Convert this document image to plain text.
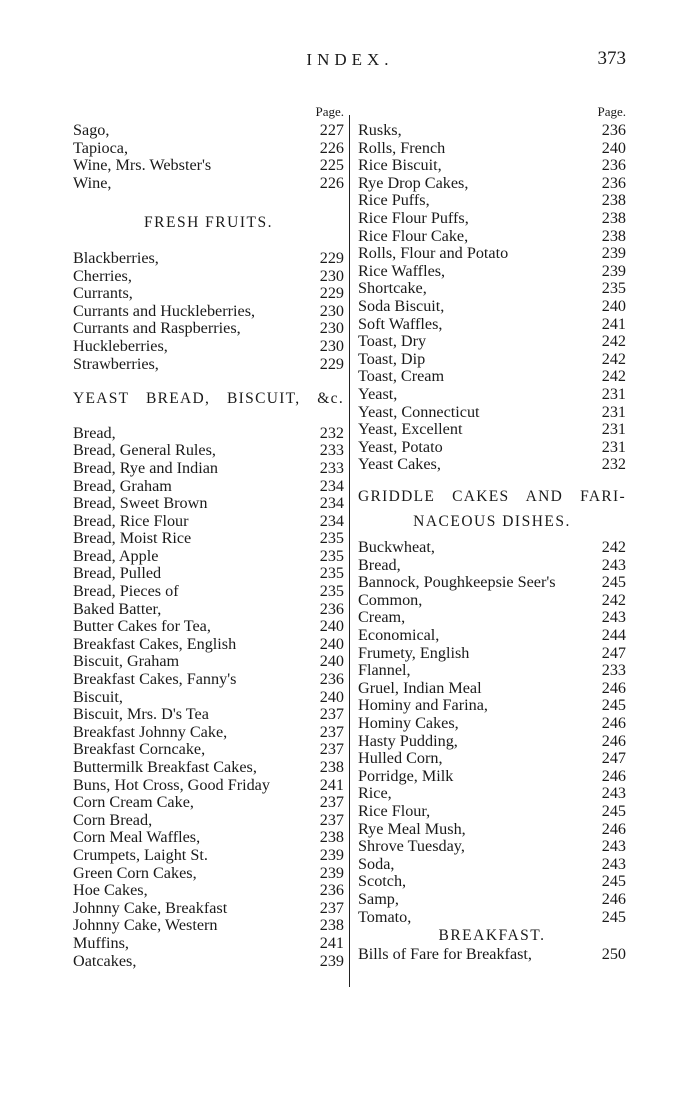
INDEX.	373
Page.
Sago,	227
Tapioca,	226
Wine, Mrs. Webster's	225
Wine,	226
FRESH FRUITS.
Blackberries,	229
Cherries,	230
Currants,	229
Currants and Huckleberries,	230
Currants and Raspberries,	230
Huckleberries,	230
Strawberries,	229
YEAST BREAD, BISCUIT, &c.
Bread,	232
Bread, General Rules,	233
Bread, Rye and Indian	233
Bread, Graham	234
Bread, Sweet Brown	234
Bread, Rice Flour	234
Bread, Moist Rice	235
Bread, Apple	235
Bread, Pulled	235
Bread, Pieces of	235
Baked Batter,	236
Butter Cakes for Tea,	240
Breakfast Cakes, English	240
Biscuit, Graham	240
Breakfast Cakes, Fanny's	236
Biscuit,	240
Biscuit, Mrs. D's Tea	237
Breakfast Johnny Cake,	237
Breakfast Corncake,	237
Buttermilk Breakfast Cakes,	238
Buns, Hot Cross, Good Friday	241
Corn Cream Cake,	237
Corn Bread,	237
Corn Meal Waffles,	238
Crumpets, Laight St.	239
Green Corn Cakes,	239
Hoe Cakes,	236
Johnny Cake, Breakfast	237
Johnny Cake, Western	238
Muffins,	241
Oatcakes,	239
Page.
Rusks,	236
Rolls, French	240
Rice Biscuit,	236
Rye Drop Cakes,	236
Rice Puffs,	238
Rice Flour Puffs,	238
Rice Flour Cake,	238
Rolls, Flour and Potato	239
Rice Waffles,	239
Shortcake,	235
Soda Biscuit,	240
Soft Waffles,	241
Toast, Dry	242
Toast, Dip	242
Toast, Cream	242
Yeast,	231
Yeast, Connecticut	231
Yeast, Excellent	231
Yeast, Potato	231
Yeast Cakes,	232
GRIDDLE CAKES AND FARI-
NACEOUS DISHES.
Buckwheat,	242
Bread,	243
Bannock, Poughkeepsie Seer's	245
Common,	242
Cream,	243
Economical,	244
Frumety, English	247
Flannel,	233
Gruel, Indian Meal	246
Hominy and Farina,	245
Hominy Cakes,	246
Hasty Pudding,	246
Hulled Corn,	247
Porridge, Milk	246
Rice,	243
Rice Flour,	245
Rye Meal Mush,	246
Shrove Tuesday,	243
Soda,	243
Scotch,	245
Samp,	246
Tomato,	245
BREAKFAST.
Bills of Fare for Breakfast,	250
